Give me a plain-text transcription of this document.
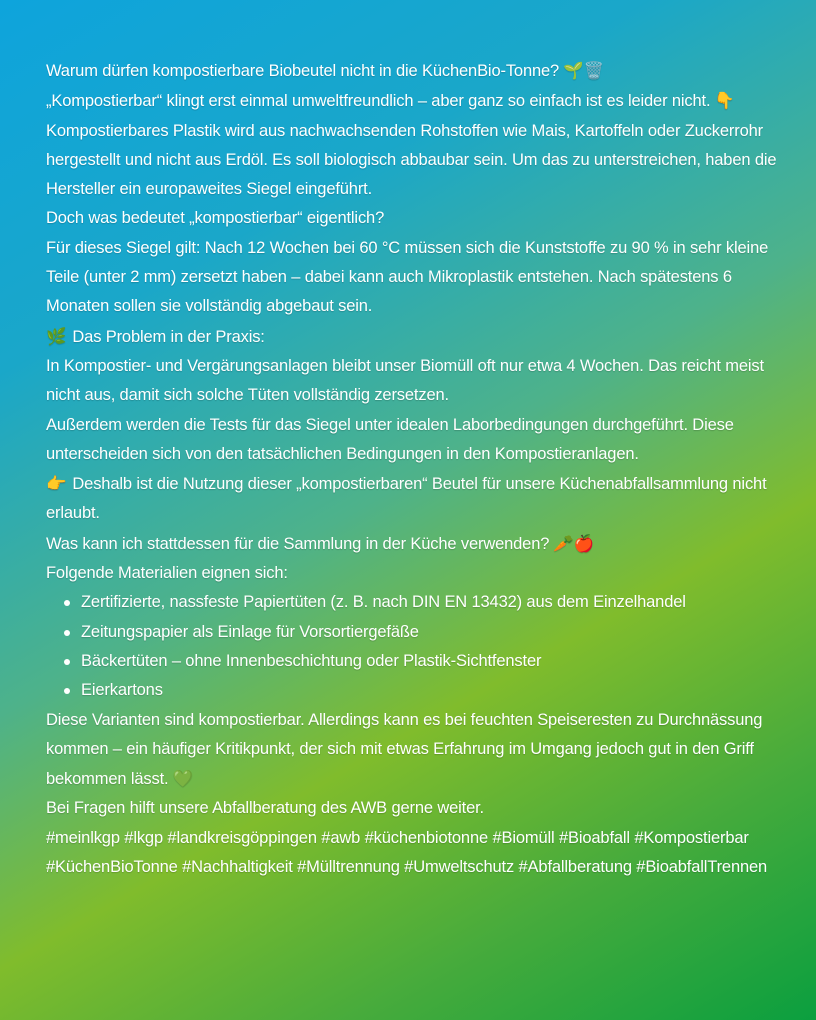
Warum dürfen kompostierbare Biobeutel nicht in die KüchenBio-Tonne? 🌱🗑️

„Kompostierbar“ klingt erst einmal umweltfreundlich – aber ganz so einfach ist es leider nicht. 👇

Kompostierbares Plastik wird aus nachwachsenden Rohstoffen wie Mais, Kartoffeln oder Zuckerrohr hergestellt und nicht aus Erdöl. Es soll biologisch abbaubar sein. Um das zu unterstreichen, haben die Hersteller ein europaweites Siegel eingeführt.

Doch was bedeutet „kompostierbar“ eigentlich?

Für dieses Siegel gilt: Nach 12 Wochen bei 60 °C müssen sich die Kunststoffe zu 90 % in sehr kleine Teile (unter 2 mm) zersetzt haben – dabei kann auch Mikroplastik entstehen. Nach spätestens 6 Monaten sollen sie vollständig abgebaut sein.

🌿 Das Problem in der Praxis:

In Kompostier- und Vergärungsanlagen bleibt unser Biomüll oft nur etwa 4 Wochen. Das reicht meist nicht aus, damit sich solche Tüten vollständig zersetzen.

Außerdem werden die Tests für das Siegel unter idealen Laborbedingungen durchgeführt. Diese unterscheiden sich von den tatsächlichen Bedingungen in den Kompostieranlagen.

👉 Deshalb ist die Nutzung dieser „kompostierbaren“ Beutel für unsere Küchenabfallsammlung nicht erlaubt.

Was kann ich stattdessen für die Sammlung in der Küche verwenden? 🥕🍎

Folgende Materialien eignen sich:

Zertifizierte, nassfeste Papiertüten (z. B. nach DIN EN 13432) aus dem Einzelhandel
Zeitungspapier als Einlage für Vorsortiergefäße
Bäckertüten – ohne Innenbeschichtung oder Plastik-Sichtfenster
Eierkartons

Diese Varianten sind kompostierbar. Allerdings kann es bei feuchten Speiseresten zu Durchnässung kommen – ein häufiger Kritikpunkt, der sich mit etwas Erfahrung im Umgang jedoch gut in den Griff bekommen lässt. 💚

Bei Fragen hilft unsere Abfallberatung des AWB gerne weiter.

#meinlkgp #lkgp #landkreisgöppingen #awb #küchenbiotonne #Biomüll #Bioabfall #Kompostierbar
#KüchenBioTonne #Nachhaltigkeit #Mülltrennung #Umweltschutz #Abfallberatung #BioabfallTrennen
